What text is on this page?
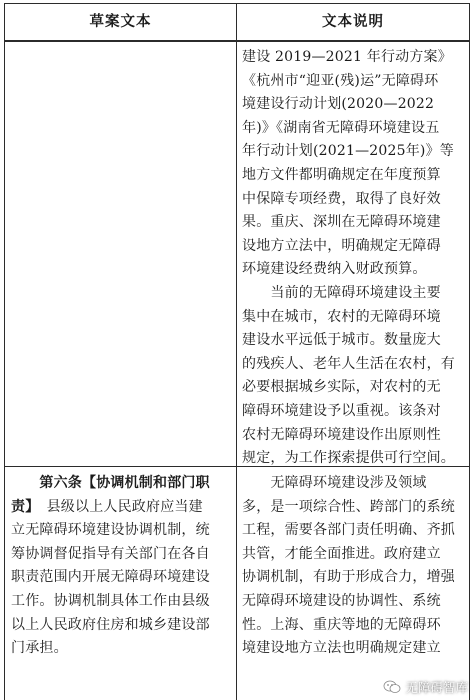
草案文本	文本说明
建设 2019—2021 年行动方案》
《杭州市“迎亚(残)运”无障碍环
境建设行动计划(2020—2022
年)》《湖南省无障碍环境建设五
年行动计划(2021—2025年)》等
地方文件都明确规定在年度预算
中保障专项经费，取得了良好效
果。重庆、深圳在无障碍环境建
设地方立法中，明确规定无障碍
环境建设经费纳入财政预算。
　　当前的无障碍环境建设主要
集中在城市，农村的无障碍环境
建设水平远低于城市。数量庞大
的残疾人、老年人生活在农村，有
必要根据城乡实际，对农村的无
障碍环境建设予以重视。该条对
农村无障碍环境建设作出原则性
规定，为工作探索提供可行空间。
　　第六条【协调机制和部门职
责】　 县级以上人民政府应当建
立无障碍环境建设协调机制，统
筹协调督促指导有关部门在各自
职责范围内开展无障碍环境建设
工作。协调机制具体工作由县级
以上人民政府住房和城乡建设部
门承担。
　　无障碍环境建设涉及领域
多，是一项综合性、跨部门的系统
工程，需要各部门责任明确、齐抓
共管，才能全面推进。政府建立
协调机制，有助于形成合力，增强
无障碍环境建设的协调性、系统
性。上海、重庆等地的无障碍环
境建设地方立法也明确规定建立
无障碍智库
